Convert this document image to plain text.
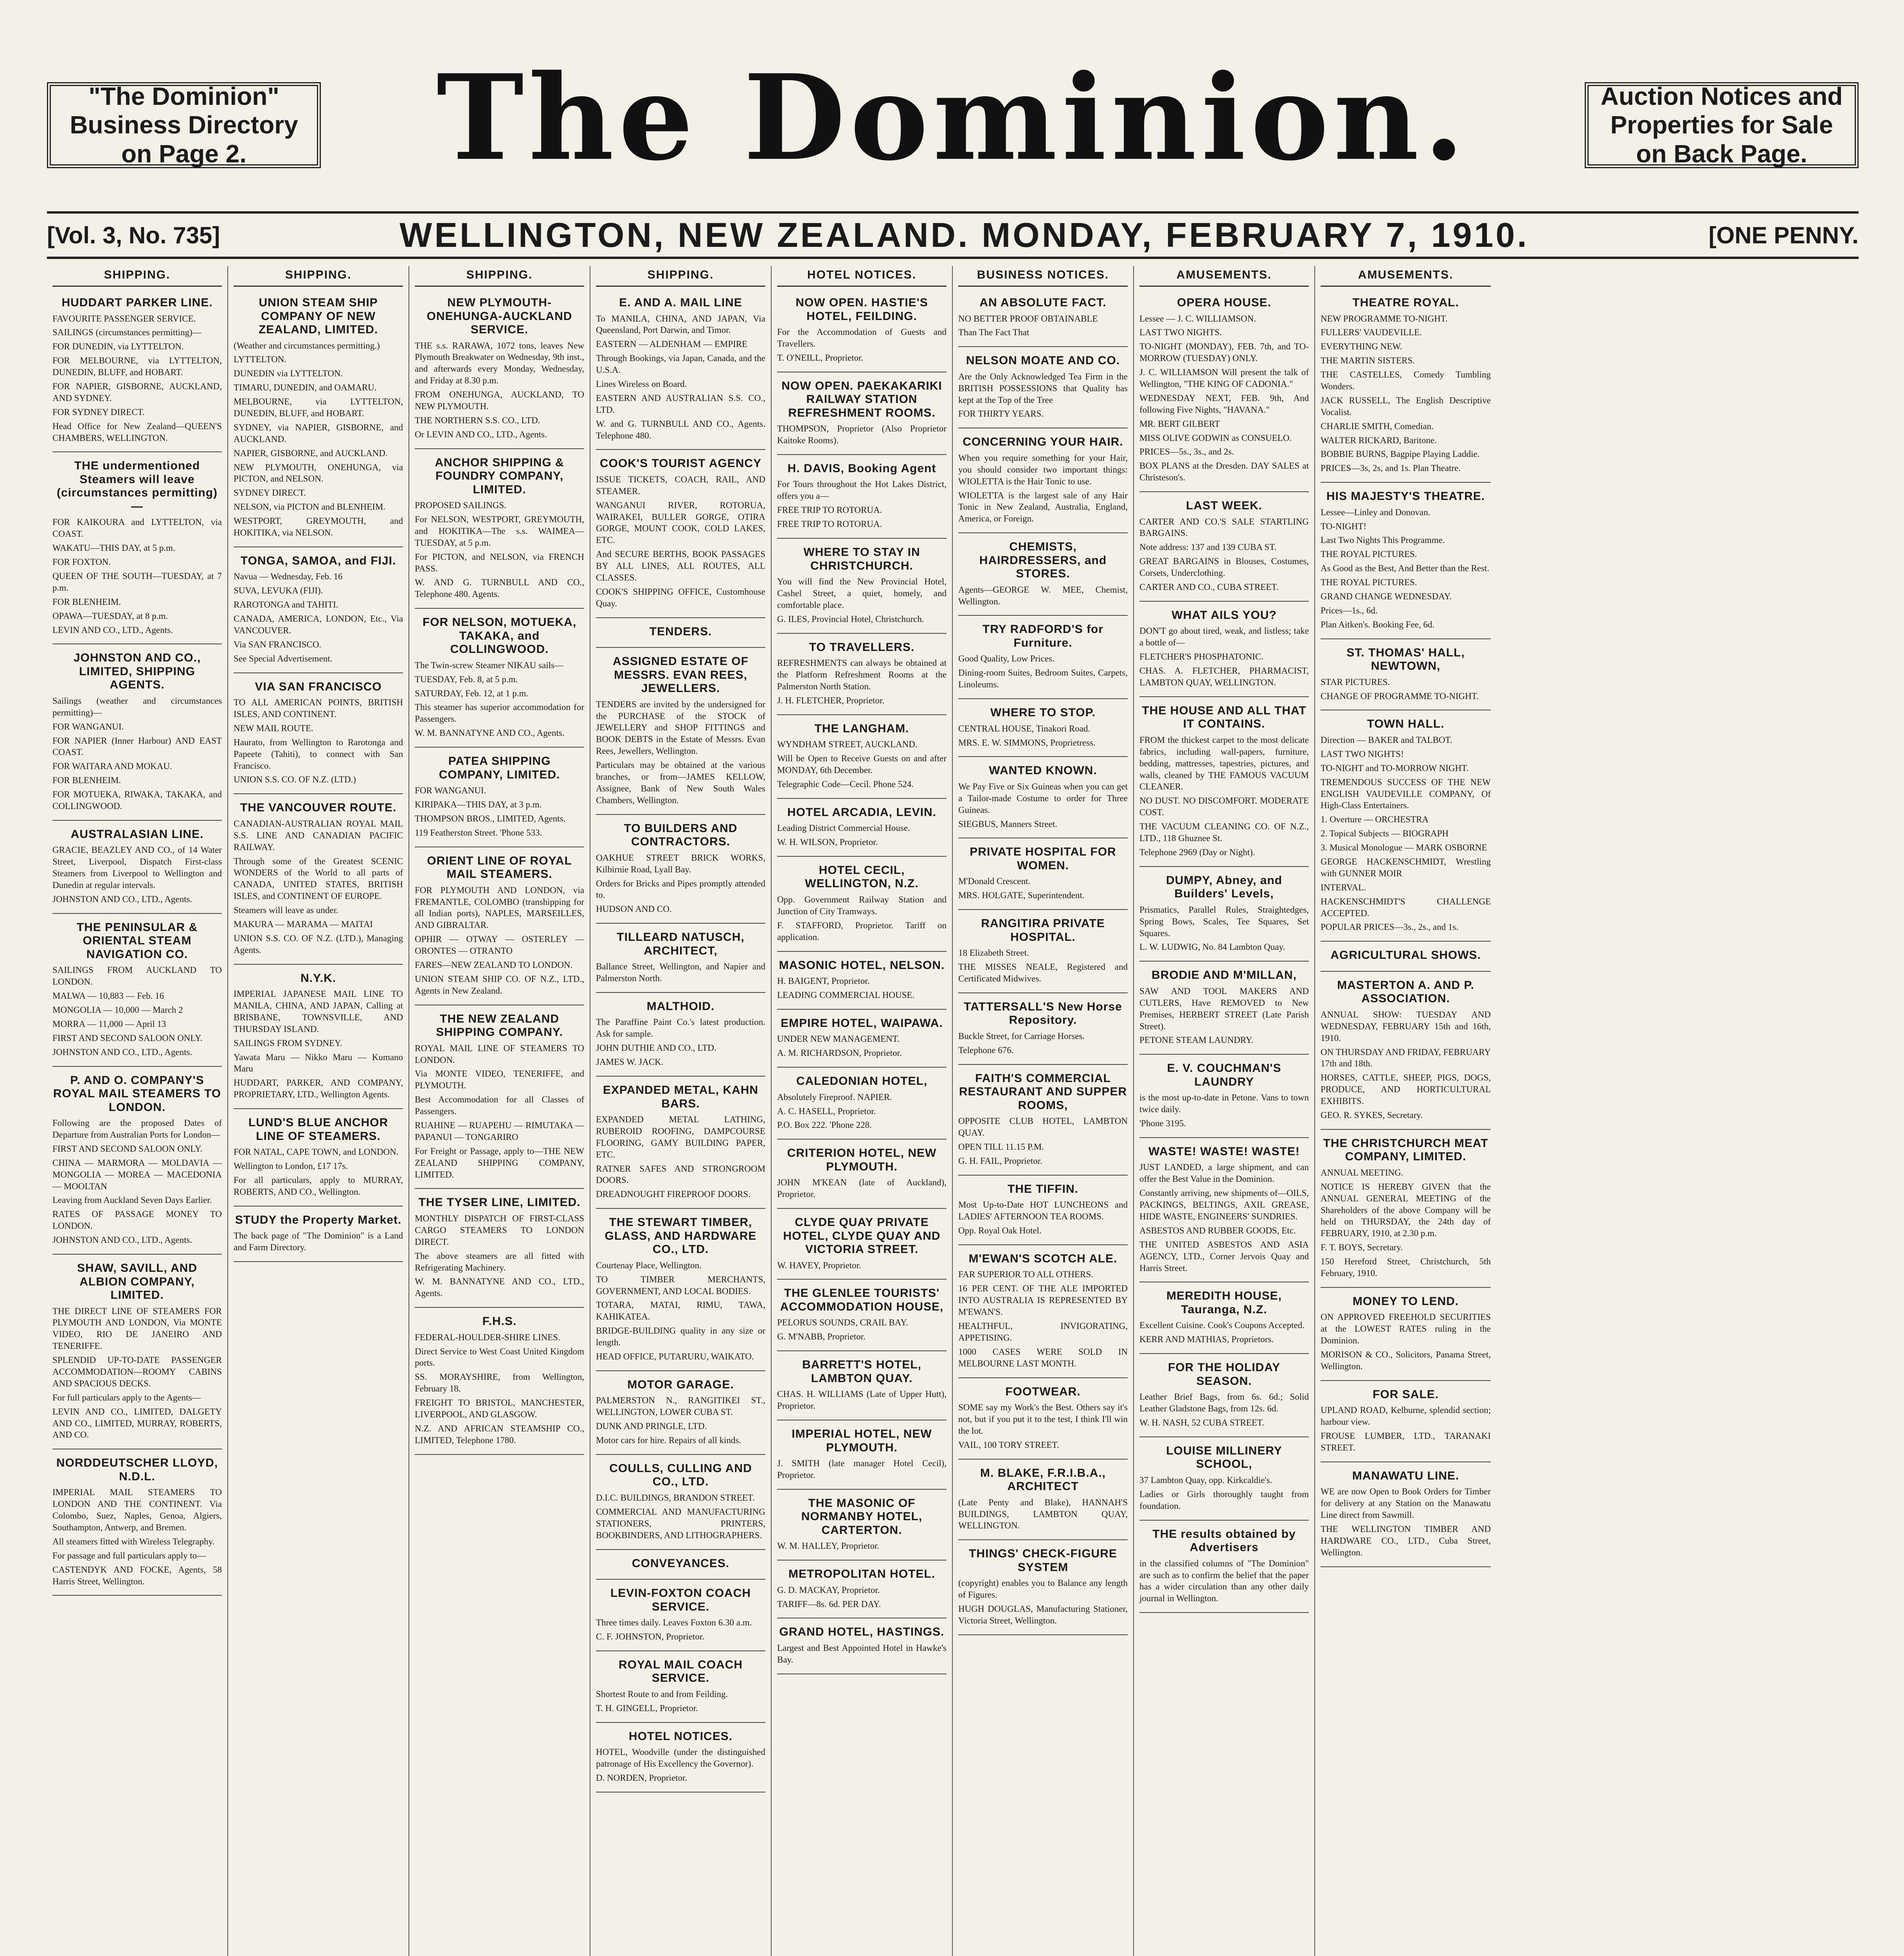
"The Dominion" Business Directory on Page 2.	The Dominion.	Auction Notices and Properties for Sale on Back Page.
[Vol. 3, No. 735]	WELLINGTON, NEW ZEALAND. MONDAY, FEBRUARY 7, 1910.	[ONE PENNY.
SHIPPING.
HUDDART PARKER LINE.

FAVOURITE PASSENGER SERVICE.

SAILINGS (circumstances permitting)—

FOR DUNEDIN, via LYTTELTON.

FOR MELBOURNE, via LYTTELTON, DUNEDIN, BLUFF, and HOBART.

FOR NAPIER, GISBORNE, AUCKLAND, AND SYDNEY.

FOR SYDNEY DIRECT.

Head Office for New Zealand—QUEEN'S CHAMBERS, WELLINGTON.

THE undermentioned Steamers will leave (circumstances permitting)—

FOR KAIKOURA and LYTTELTON, via COAST.

WAKATU—THIS DAY, at 5 p.m.

FOR FOXTON.

QUEEN OF THE SOUTH—TUESDAY, at 7 p.m.

FOR BLENHEIM.

OPAWA—TUESDAY, at 8 p.m.

LEVIN AND CO., LTD., Agents.

JOHNSTON AND CO., LIMITED, SHIPPING AGENTS.

Sailings (weather and circumstances permitting)—

FOR WANGANUI.

FOR NAPIER (Inner Harbour) AND EAST COAST.

FOR WAITARA AND MOKAU.

FOR BLENHEIM.

FOR MOTUEKA, RIWAKA, TAKAKA, and COLLINGWOOD.

AUSTRALASIAN LINE.

GRACIE, BEAZLEY AND CO., of 14 Water Street, Liverpool, Dispatch First-class Steamers from Liverpool to Wellington and Dunedin at regular intervals.

JOHNSTON AND CO., LTD., Agents.

THE PENINSULAR & ORIENTAL STEAM NAVIGATION CO.

SAILINGS FROM AUCKLAND TO LONDON.

MALWA — 10,883 — Feb. 16

MONGOLIA — 10,000 — March 2

MORRA — 11,000 — April 13

FIRST AND SECOND SALOON ONLY.

JOHNSTON AND CO., LTD., Agents.

P. AND O. COMPANY'S ROYAL MAIL STEAMERS TO LONDON.

Following are the proposed Dates of Departure from Australian Ports for London—

FIRST AND SECOND SALOON ONLY.

CHINA — MARMORA — MOLDAVIA — MONGOLIA — MOREA — MACEDONIA — MOOLTAN

Leaving from Auckland Seven Days Earlier.

RATES OF PASSAGE MONEY TO LONDON.

JOHNSTON AND CO., LTD., Agents.

SHAW, SAVILL, AND ALBION COMPANY, LIMITED.

THE DIRECT LINE OF STEAMERS FOR PLYMOUTH AND LONDON, Via MONTE VIDEO, RIO DE JANEIRO AND TENERIFFE.

SPLENDID UP-TO-DATE PASSENGER ACCOMMODATION—ROOMY CABINS AND SPACIOUS DECKS.

For full particulars apply to the Agents—

LEVIN AND CO., LIMITED, DALGETY AND CO., LIMITED, MURRAY, ROBERTS, AND CO.

NORDDEUTSCHER LLOYD, N.D.L.

IMPERIAL MAIL STEAMERS TO LONDON AND THE CONTINENT. Via Colombo, Suez, Naples, Genoa, Algiers, Southampton, Antwerp, and Bremen.

All steamers fitted with Wireless Telegraphy.

For passage and full particulars apply to—

CASTENDYK AND FOCKE, Agents, 58 Harris Street, Wellington.

SHIPPING.
UNION STEAM SHIP COMPANY OF NEW ZEALAND, LIMITED.

(Weather and circumstances permitting.)

LYTTELTON.

DUNEDIN via LYTTELTON.

TIMARU, DUNEDIN, and OAMARU.

MELBOURNE, via LYTTELTON, DUNEDIN, BLUFF, and HOBART.

SYDNEY, via NAPIER, GISBORNE, and AUCKLAND.

NAPIER, GISBORNE, and AUCKLAND.

NEW PLYMOUTH, ONEHUNGA, via PICTON, and NELSON.

SYDNEY DIRECT.

NELSON, via PICTON and BLENHEIM.

WESTPORT, GREYMOUTH, and HOKITIKA, via NELSON.

TONGA, SAMOA, and FIJI.

Navua — Wednesday, Feb. 16

SUVA, LEVUKA (FIJI).

RAROTONGA and TAHITI.

CANADA, AMERICA, LONDON, Etc., Via VANCOUVER.

Via SAN FRANCISCO.

See Special Advertisement.

VIA SAN FRANCISCO

TO ALL AMERICAN POINTS, BRITISH ISLES, AND CONTINENT.

NEW MAIL ROUTE.

Haurato, from Wellington to Rarotonga and Papeete (Tahiti), to connect with San Francisco.

UNION S.S. CO. OF N.Z. (LTD.)

THE VANCOUVER ROUTE.

CANADIAN-AUSTRALIAN ROYAL MAIL S.S. LINE AND CANADIAN PACIFIC RAILWAY.

Through some of the Greatest SCENIC WONDERS of the World to all parts of CANADA, UNITED STATES, BRITISH ISLES, and CONTINENT OF EUROPE.

Steamers will leave as under.

MAKURA — MARAMA — MAITAI

UNION S.S. CO. OF N.Z. (LTD.), Managing Agents.

N.Y.K.

IMPERIAL JAPANESE MAIL LINE TO MANILA, CHINA, AND JAPAN, Calling at BRISBANE, TOWNSVILLE, AND THURSDAY ISLAND.

SAILINGS FROM SYDNEY.

Yawata Maru — Nikko Maru — Kumano Maru

HUDDART, PARKER, AND COMPANY, PROPRIETARY, LTD., Wellington Agents.

LUND'S BLUE ANCHOR LINE OF STEAMERS.

FOR NATAL, CAPE TOWN, and LONDON.

Wellington to London, £17 17s.

For all particulars, apply to MURRAY, ROBERTS, AND CO., Wellington.

STUDY the Property Market.

The back page of "The Dominion" is a Land and Farm Directory.

SHIPPING.
NEW PLYMOUTH-ONEHUNGA-AUCKLAND SERVICE.

THE s.s. RARAWA, 1072 tons, leaves New Plymouth Breakwater on Wednesday, 9th inst., and afterwards every Monday, Wednesday, and Friday at 8.30 p.m.

FROM ONEHUNGA, AUCKLAND, TO NEW PLYMOUTH.

THE NORTHERN S.S. CO., LTD.

Or LEVIN AND CO., LTD., Agents.

ANCHOR SHIPPING & FOUNDRY COMPANY, LIMITED.

PROPOSED SAILINGS.

For NELSON, WESTPORT, GREYMOUTH, and HOKITIKA—The s.s. WAIMEA—TUESDAY, at 5 p.m.

For PICTON, and NELSON, via FRENCH PASS.

W. AND G. TURNBULL AND CO., Telephone 480. Agents.

FOR NELSON, MOTUEKA, TAKAKA, and COLLINGWOOD.

The Twin-screw Steamer NIKAU sails—

TUESDAY, Feb. 8, at 5 p.m.

SATURDAY, Feb. 12, at 1 p.m.

This steamer has superior accommodation for Passengers.

W. M. BANNATYNE AND CO., Agents.

PATEA SHIPPING COMPANY, LIMITED.

FOR WANGANUI.

KIRIPAKA—THIS DAY, at 3 p.m.

THOMPSON BROS., LIMITED, Agents.

119 Featherston Street. 'Phone 533.

ORIENT LINE OF ROYAL MAIL STEAMERS.

FOR PLYMOUTH AND LONDON, via FREMANTLE, COLOMBO (transhipping for all Indian ports), NAPLES, MARSEILLES, AND GIBRALTAR.

OPHIR — OTWAY — OSTERLEY — ORONTES — OTRANTO

FARES—NEW ZEALAND TO LONDON.

UNION STEAM SHIP CO. OF N.Z., LTD., Agents in New Zealand.

THE NEW ZEALAND SHIPPING COMPANY.

ROYAL MAIL LINE OF STEAMERS TO LONDON.

Via MONTE VIDEO, TENERIFFE, and PLYMOUTH.

Best Accommodation for all Classes of Passengers.

RUAHINE — RUAPEHU — RIMUTAKA — PAPANUI — TONGARIRO

For Freight or Passage, apply to—THE NEW ZEALAND SHIPPING COMPANY, LIMITED.

THE TYSER LINE, LIMITED.

MONTHLY DISPATCH OF FIRST-CLASS CARGO STEAMERS TO LONDON DIRECT.

The above steamers are all fitted with Refrigerating Machinery.

W. M. BANNATYNE AND CO., LTD., Agents.

F.H.S.

FEDERAL-HOULDER-SHIRE LINES.

Direct Service to West Coast United Kingdom ports.

SS. MORAYSHIRE, from Wellington, February 18.

FREIGHT TO BRISTOL, MANCHESTER, LIVERPOOL, AND GLASGOW.

N.Z. AND AFRICAN STEAMSHIP CO., LIMITED, Telephone 1780.

SHIPPING.
E. AND A. MAIL LINE

To MANILA, CHINA, AND JAPAN, Via Queensland, Port Darwin, and Timor.

EASTERN — ALDENHAM — EMPIRE

Through Bookings, via Japan, Canada, and the U.S.A.

Lines Wireless on Board.

EASTERN AND AUSTRALIAN S.S. CO., LTD.

W. and G. TURNBULL AND CO., Agents. Telephone 480.

COOK'S TOURIST AGENCY

ISSUE TICKETS, COACH, RAIL, AND STEAMER.

WANGANUI RIVER, ROTORUA, WAIRAKEI, BULLER GORGE, OTIRA GORGE, MOUNT COOK, COLD LAKES, ETC.

And SECURE BERTHS, BOOK PASSAGES BY ALL LINES, ALL ROUTES, ALL CLASSES.

COOK'S SHIPPING OFFICE, Customhouse Quay.

TENDERS.
ASSIGNED ESTATE OF MESSRS. EVAN REES, JEWELLERS.

TENDERS are invited by the undersigned for the PURCHASE of the STOCK of JEWELLERY and SHOP FITTINGS and BOOK DEBTS in the Estate of Messrs. Evan Rees, Jewellers, Wellington.

Particulars may be obtained at the various branches, or from—JAMES KELLOW, Assignee, Bank of New South Wales Chambers, Wellington.

TO BUILDERS AND CONTRACTORS.

OAKHUE STREET BRICK WORKS, Kilbirnie Road, Lyall Bay.

Orders for Bricks and Pipes promptly attended to.

HUDSON AND CO.

TILLEARD NATUSCH, ARCHITECT,

Ballance Street, Wellington, and Napier and Palmerston North.

MALTHOID.

The Paraffine Paint Co.'s latest production. Ask for sample.

JOHN DUTHIE AND CO., LTD.

JAMES W. JACK.

EXPANDED METAL, KAHN BARS.

EXPANDED METAL LATHING, RUBEROID ROOFING, DAMPCOURSE FLOORING, GAMY BUILDING PAPER, ETC.

RATNER SAFES AND STRONGROOM DOORS.

DREADNOUGHT FIREPROOF DOORS.

THE STEWART TIMBER, GLASS, AND HARDWARE CO., LTD.

Courtenay Place, Wellington.

TO TIMBER MERCHANTS, GOVERNMENT, AND LOCAL BODIES.

TOTARA, MATAI, RIMU, TAWA, KAHIKATEA.

BRIDGE-BUILDING quality in any size or length.

HEAD OFFICE, PUTARURU, WAIKATO.

MOTOR GARAGE.

PALMERSTON N., RANGITIKEI ST., WELLINGTON, LOWER CUBA ST.

DUNK AND PRINGLE, LTD.

Motor cars for hire. Repairs of all kinds.

COULLS, CULLING AND CO., LTD.

D.I.C. BUILDINGS, BRANDON STREET.

COMMERCIAL AND MANUFACTURING STATIONERS, PRINTERS, BOOKBINDERS, AND LITHOGRAPHERS.

CONVEYANCES.
LEVIN-FOXTON COACH SERVICE.

Three times daily. Leaves Foxton 6.30 a.m.

C. F. JOHNSTON, Proprietor.

ROYAL MAIL COACH SERVICE.

Shortest Route to and from Feilding.

T. H. GINGELL, Proprietor.

HOTEL NOTICES.

HOTEL, Woodville (under the distinguished patronage of His Excellency the Governor).

D. NORDEN, Proprietor.

HOTEL NOTICES.
NOW OPEN. HASTIE'S HOTEL, FEILDING.

For the Accommodation of Guests and Travellers.

T. O'NEILL, Proprietor.

NOW OPEN. PAEKAKARIKI RAILWAY STATION REFRESHMENT ROOMS.

THOMPSON, Proprietor (Also Proprietor Kaitoke Rooms).

H. DAVIS, Booking Agent

For Tours throughout the Hot Lakes District, offers you a—

FREE TRIP TO ROTORUA.

FREE TRIP TO ROTORUA.

WHERE TO STAY IN CHRISTCHURCH.

You will find the New Provincial Hotel, Cashel Street, a quiet, homely, and comfortable place.

G. ILES, Provincial Hotel, Christchurch.

TO TRAVELLERS.

REFRESHMENTS can always be obtained at the Platform Refreshment Rooms at the Palmerston North Station.

J. H. FLETCHER, Proprietor.

THE LANGHAM.

WYNDHAM STREET, AUCKLAND.

Will be Open to Receive Guests on and after MONDAY, 6th December.

Telegraphic Code—Cecil. Phone 524.

HOTEL ARCADIA, LEVIN.

Leading District Commercial House.

W. H. WILSON, Proprietor.

HOTEL CECIL, WELLINGTON, N.Z.

Opp. Government Railway Station and Junction of City Tramways.

F. STAFFORD, Proprietor. Tariff on application.

MASONIC HOTEL, NELSON.

H. BAIGENT, Proprietor.

LEADING COMMERCIAL HOUSE.

EMPIRE HOTEL, WAIPAWA.

UNDER NEW MANAGEMENT.

A. M. RICHARDSON, Proprietor.

CALEDONIAN HOTEL,

Absolutely Fireproof. NAPIER.

A. C. HASELL, Proprietor.

P.O. Box 222. 'Phone 228.

CRITERION HOTEL, NEW PLYMOUTH.

JOHN M'KEAN (late of Auckland), Proprietor.

CLYDE QUAY PRIVATE HOTEL, CLYDE QUAY AND VICTORIA STREET.

W. HAVEY, Proprietor.

THE GLENLEE TOURISTS' ACCOMMODATION HOUSE,

PELORUS SOUNDS, CRAIL BAY.

G. M'NABB, Proprietor.

BARRETT'S HOTEL, LAMBTON QUAY.

CHAS. H. WILLIAMS (Late of Upper Hutt), Proprietor.

IMPERIAL HOTEL, NEW PLYMOUTH.

J. SMITH (late manager Hotel Cecil), Proprietor.

THE MASONIC OF NORMANBY HOTEL, CARTERTON.

W. M. HALLEY, Proprietor.

METROPOLITAN HOTEL.

G. D. MACKAY, Proprietor.

TARIFF—8s. 6d. PER DAY.

GRAND HOTEL, HASTINGS.

Largest and Best Appointed Hotel in Hawke's Bay.

BUSINESS NOTICES.
AN ABSOLUTE FACT.

NO BETTER PROOF OBTAINABLE

Than The Fact That

NELSON MOATE AND CO.

Are the Only Acknowledged Tea Firm in the BRITISH POSSESSIONS that Quality has kept at the Top of the Tree

FOR THIRTY YEARS.

CONCERNING YOUR HAIR.

When you require something for your Hair, you should consider two important things: WIOLETTA is the Hair Tonic to use.

WIOLETTA is the largest sale of any Hair Tonic in New Zealand, Australia, England, America, or Foreign.

CHEMISTS, HAIRDRESSERS, and STORES.

Agents—GEORGE W. MEE, Chemist, Wellington.

TRY RADFORD'S for Furniture.

Good Quality, Low Prices.

Dining-room Suites, Bedroom Suites, Carpets, Linoleums.

WHERE TO STOP.

CENTRAL HOUSE, Tinakori Road.

MRS. E. W. SIMMONS, Proprietress.

WANTED KNOWN.

We Pay Five or Six Guineas when you can get a Tailor-made Costume to order for Three Guineas.

SIEGBUS, Manners Street.

PRIVATE HOSPITAL FOR WOMEN.

M'Donald Crescent.

MRS. HOLGATE, Superintendent.

RANGITIRA PRIVATE HOSPITAL.

18 Elizabeth Street.

THE MISSES NEALE, Registered and Certificated Midwives.

TATTERSALL'S New Horse Repository.

Buckle Street, for Carriage Horses.

Telephone 676.

FAITH'S COMMERCIAL RESTAURANT AND SUPPER ROOMS,

OPPOSITE CLUB HOTEL, LAMBTON QUAY.

OPEN TILL 11.15 P.M.

G. H. FAIL, Proprietor.

THE TIFFIN.

Most Up-to-Date HOT LUNCHEONS and LADIES' AFTERNOON TEA ROOMS.

Opp. Royal Oak Hotel.

M'EWAN'S SCOTCH ALE.

FAR SUPERIOR TO ALL OTHERS.

16 PER CENT. OF THE ALE IMPORTED INTO AUSTRALIA IS REPRESENTED BY M'EWAN'S.

HEALTHFUL, INVIGORATING, APPETISING.

1000 CASES WERE SOLD IN MELBOURNE LAST MONTH.

FOOTWEAR.

SOME say my Work's the Best. Others say it's not, but if you put it to the test, I think I'll win the lot.

VAIL, 100 TORY STREET.

M. BLAKE, F.R.I.B.A., ARCHITECT

(Late Penty and Blake), HANNAH'S BUILDINGS, LAMBTON QUAY, WELLINGTON.

THINGS' CHECK-FIGURE SYSTEM

(copyright) enables you to Balance any length of Figures.

HUGH DOUGLAS, Manufacturing Stationer, Victoria Street, Wellington.

AMUSEMENTS.
OPERA HOUSE.

Lessee — J. C. WILLIAMSON.

LAST TWO NIGHTS.

TO-NIGHT (MONDAY), FEB. 7th, and TO-MORROW (TUESDAY) ONLY.

J. C. WILLIAMSON Will present the talk of Wellington, "THE KING OF CADONIA."

WEDNESDAY NEXT, FEB. 9th, And following Five Nights, "HAVANA."

MR. BERT GILBERT

MISS OLIVE GODWIN as CONSUELO.

PRICES—5s., 3s., and 2s.

BOX PLANS at the Dresden. DAY SALES at Christeson's.

LAST WEEK.

CARTER AND CO.'S SALE STARTLING BARGAINS.

Note address: 137 and 139 CUBA ST.

GREAT BARGAINS in Blouses, Costumes, Corsets, Underclothing.

CARTER AND CO., CUBA STREET.

WHAT AILS YOU?

DON'T go about tired, weak, and listless; take a bottle of—

FLETCHER'S PHOSPHATONIC.

CHAS. A. FLETCHER, PHARMACIST, LAMBTON QUAY, WELLINGTON.

THE HOUSE AND ALL THAT IT CONTAINS.

FROM the thickest carpet to the most delicate fabrics, including wall-papers, furniture, bedding, mattresses, tapestries, pictures, and walls, cleaned by THE FAMOUS VACUUM CLEANER.

NO DUST. NO DISCOMFORT. MODERATE COST.

THE VACUUM CLEANING CO. OF N.Z., LTD., 118 Ghuznee St.

Telephone 2969 (Day or Night).

DUMPY, Abney, and Builders' Levels,

Prismatics, Parallel Rules, Straightedges, Spring Bows, Scales, Tee Squares, Set Squares.

L. W. LUDWIG, No. 84 Lambton Quay.

BRODIE AND M'MILLAN,

SAW AND TOOL MAKERS AND CUTLERS, Have REMOVED to New Premises, HERBERT STREET (Late Parish Street).

PETONE STEAM LAUNDRY.

E. V. COUCHMAN'S LAUNDRY

is the most up-to-date in Petone. Vans to town twice daily.

'Phone 3195.

WASTE! WASTE! WASTE!

JUST LANDED, a large shipment, and can offer the Best Value in the Dominion.

Constantly arriving, new shipments of—OILS, PACKINGS, BELTINGS, AXIL GREASE, HIDE WASTE, ENGINEERS' SUNDRIES.

ASBESTOS AND RUBBER GOODS, Etc.

THE UNITED ASBESTOS AND ASIA AGENCY, LTD., Corner Jervois Quay and Harris Street.

MEREDITH HOUSE, Tauranga, N.Z.

Excellent Cuisine. Cook's Coupons Accepted.

KERR AND MATHIAS, Proprietors.

FOR THE HOLIDAY SEASON.

Leather Brief Bags, from 6s. 6d.; Solid Leather Gladstone Bags, from 12s. 6d.

W. H. NASH, 52 CUBA STREET.

LOUISE MILLINERY SCHOOL,

37 Lambton Quay, opp. Kirkcaldie's.

Ladies or Girls thoroughly taught from foundation.

THE results obtained by Advertisers

in the classified columns of "The Dominion" are such as to confirm the belief that the paper has a wider circulation than any other daily journal in Wellington.

AMUSEMENTS.
THEATRE ROYAL.

NEW PROGRAMME TO-NIGHT.

FULLERS' VAUDEVILLE.

EVERYTHING NEW.

THE MARTIN SISTERS.

THE CASTELLES, Comedy Tumbling Wonders.

JACK RUSSELL, The English Descriptive Vocalist.

CHARLIE SMITH, Comedian.

WALTER RICKARD, Baritone.

BOBBIE BURNS, Bagpipe Playing Laddie.

PRICES—3s, 2s, and 1s. Plan Theatre.

HIS MAJESTY'S THEATRE.

Lessee—Linley and Donovan.

TO-NIGHT!

Last Two Nights This Programme.

THE ROYAL PICTURES.

As Good as the Best, And Better than the Rest.

THE ROYAL PICTURES.

GRAND CHANGE WEDNESDAY.

Prices—1s., 6d.

Plan Aitken's. Booking Fee, 6d.

ST. THOMAS' HALL, NEWTOWN,

STAR PICTURES.

CHANGE OF PROGRAMME TO-NIGHT.

TOWN HALL.

Direction — BAKER and TALBOT.

LAST TWO NIGHTS!

TO-NIGHT and TO-MORROW NIGHT.

TREMENDOUS SUCCESS OF THE NEW ENGLISH VAUDEVILLE COMPANY, Of High-Class Entertainers.

1. Overture — ORCHESTRA

2. Topical Subjects — BIOGRAPH

3. Musical Monologue — MARK OSBORNE

GEORGE HACKENSCHMIDT, Wrestling with GUNNER MOIR

INTERVAL.

HACKENSCHMIDT'S CHALLENGE ACCEPTED.

POPULAR PRICES—3s., 2s., and 1s.

AGRICULTURAL SHOWS.
MASTERTON A. AND P. ASSOCIATION.

ANNUAL SHOW: TUESDAY AND WEDNESDAY, FEBRUARY 15th and 16th, 1910.

ON THURSDAY AND FRIDAY, FEBRUARY 17th and 18th.

HORSES, CATTLE, SHEEP, PIGS, DOGS, PRODUCE, AND HORTICULTURAL EXHIBITS.

GEO. R. SYKES, Secretary.

THE CHRISTCHURCH MEAT COMPANY, LIMITED.

ANNUAL MEETING.

NOTICE IS HEREBY GIVEN that the ANNUAL GENERAL MEETING of the Shareholders of the above Company will be held on THURSDAY, the 24th day of FEBRUARY, 1910, at 2.30 p.m.

F. T. BOYS, Secretary.

150 Hereford Street, Christchurch, 5th February, 1910.

MONEY TO LEND.

ON APPROVED FREEHOLD SECURITIES at the LOWEST RATES ruling in the Dominion.

MORISON & CO., Solicitors, Panama Street, Wellington.

FOR SALE.

UPLAND ROAD, Kelburne, splendid section; harbour view.

FROUSE LUMBER, LTD., TARANAKI STREET.

MANAWATU LINE.

WE are now Open to Book Orders for Timber for delivery at any Station on the Manawatu Line direct from Sawmill.

THE WELLINGTON TIMBER AND HARDWARE CO., LTD., Cuba Street, Wellington.
